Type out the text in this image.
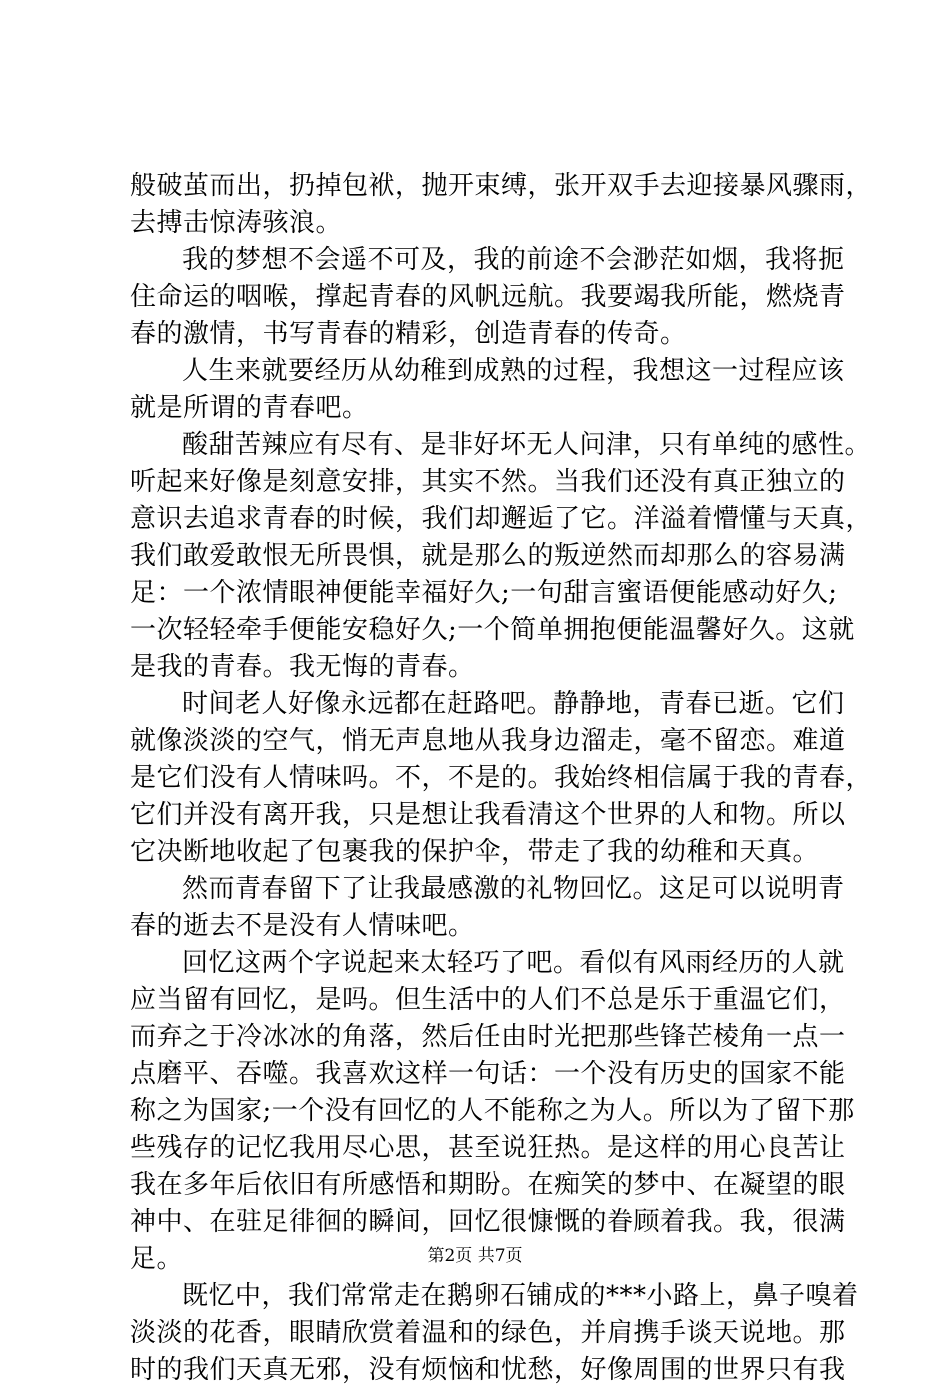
般破茧而出，扔掉包袱，抛开束缚，张开双手去迎接暴风骤雨，
去搏击惊涛骇浪。
我的梦想不会遥不可及，我的前途不会渺茫如烟，我将扼
住命运的咽喉，撑起青春的风帆远航。我要竭我所能，燃烧青
春的激情，书写青春的精彩，创造青春的传奇。
人生来就要经历从幼稚到成熟的过程，我想这一过程应该
就是所谓的青春吧。
酸甜苦辣应有尽有、是非好坏无人问津，只有单纯的感性。
听起来好像是刻意安排，其实不然。当我们还没有真正独立的
意识去追求青春的时候，我们却邂逅了它。洋溢着懵懂与天真，
我们敢爱敢恨无所畏惧，就是那么的叛逆然而却那么的容易满
足：一个浓情眼神便能幸福好久;一句甜言蜜语便能感动好久;
一次轻轻牵手便能安稳好久;一个简单拥抱便能温馨好久。这就
是我的青春。我无悔的青春。
时间老人好像永远都在赶路吧。静静地，青春已逝。它们
就像淡淡的空气，悄无声息地从我身边溜走，毫不留恋。难道
是它们没有人情味吗。不，不是的。我始终相信属于我的青春，
它们并没有离开我，只是想让我看清这个世界的人和物。所以
它决断地收起了包裹我的保护伞，带走了我的幼稚和天真。
然而青春留下了让我最感激的礼物回忆。这足可以说明青
春的逝去不是没有人情味吧。
回忆这两个字说起来太轻巧了吧。看似有风雨经历的人就
应当留有回忆，是吗。但生活中的人们不总是乐于重温它们，
而弃之于冷冰冰的角落，然后任由时光把那些锋芒棱角一点一
点磨平、吞噬。我喜欢这样一句话：一个没有历史的国家不能
称之为国家;一个没有回忆的人不能称之为人。所以为了留下那
些残存的记忆我用尽心思，甚至说狂热。是这样的用心良苦让
我在多年后依旧有所感悟和期盼。在痴笑的梦中、在凝望的眼
神中、在驻足徘徊的瞬间，回忆很慷慨的眷顾着我。我，很满
足。
既忆中，我们常常走在鹅卵石铺成的***小路上，鼻子嗅着
淡淡的花香，眼睛欣赏着温和的绿色，并肩携手谈天说地。那
时的我们天真无邪，没有烦恼和忧愁，好像周围的世界只有我
第2页 共7页
